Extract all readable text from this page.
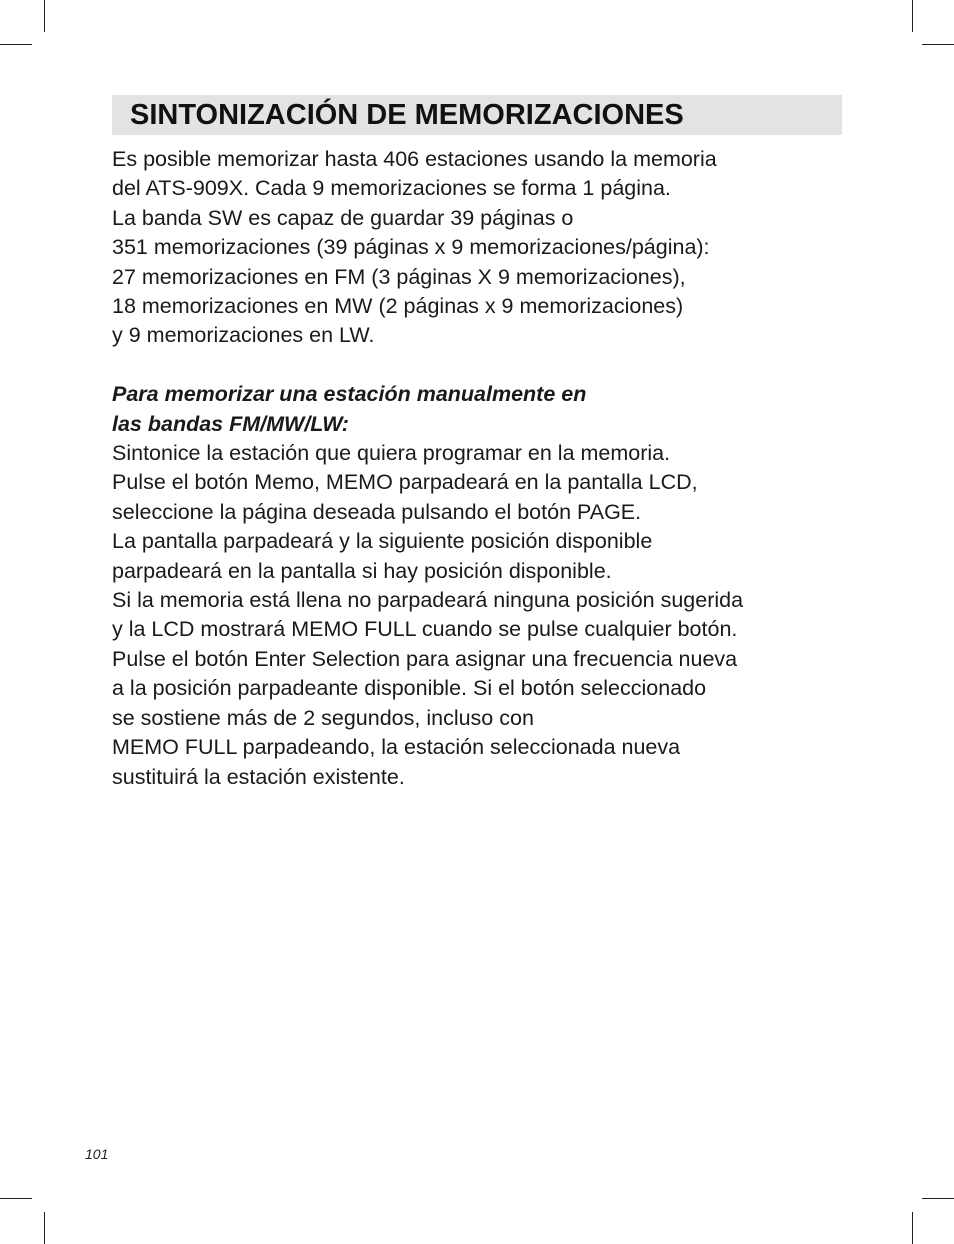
SINTONIZACIÓN DE MEMORIZACIONES
Es posible memorizar hasta 406 estaciones usando la memoria
del ATS-909X. Cada 9 memorizaciones se forma 1 página.
La banda SW es capaz de guardar 39 páginas o
351 memorizaciones (39 páginas x 9 memorizaciones/página):
27 memorizaciones en FM (3 páginas X 9 memorizaciones),
18 memorizaciones en MW (2 páginas x 9 memorizaciones)
y 9 memorizaciones en LW.
Para memorizar una estación manualmente en
las bandas FM/MW/LW:
Sintonice la estación que quiera programar en la memoria.
Pulse el botón Memo, MEMO parpadeará en la pantalla LCD,
seleccione la página deseada pulsando el botón PAGE.
La pantalla parpadeará y la siguiente posición disponible
parpadeará en la pantalla si hay posición disponible.
Si la memoria está llena no parpadeará ninguna posición sugerida
y la LCD mostrará MEMO FULL cuando se pulse cualquier botón.
Pulse el botón Enter Selection para asignar una frecuencia nueva
a la posición parpadeante disponible. Si el botón seleccionado
se sostiene más de 2 segundos, incluso con
MEMO FULL parpadeando, la estación seleccionada nueva
sustituirá la estación existente.
101
